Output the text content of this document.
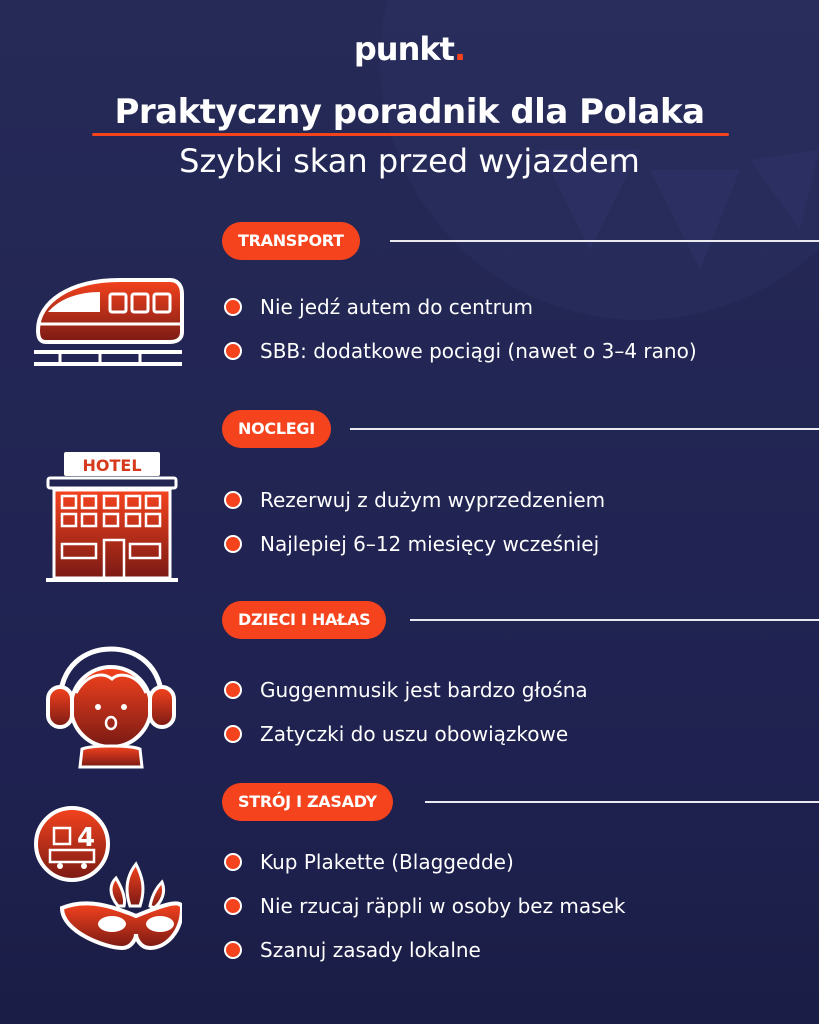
punkt.
Praktyczny poradnik dla Polaka
Szybki skan przed wyjazdem
TRANSPORT
Nie jedź autem do centrum
SBB: dodatkowe pociągi (nawet o 3–4 rano)
NOCLEGI
HOTEL
Rezerwuj z dużym wyprzedzeniem
Najlepiej 6–12 miesięcy wcześniej
DZIECI I HAŁAS
Guggenmusik jest bardzo głośna
Zatyczki do uszu obowiązkowe
STRÓJ I ZASADY
4
Kup Plakette (Blaggedde)
Nie rzucaj räppli w osoby bez masek
Szanuj zasady lokalne
